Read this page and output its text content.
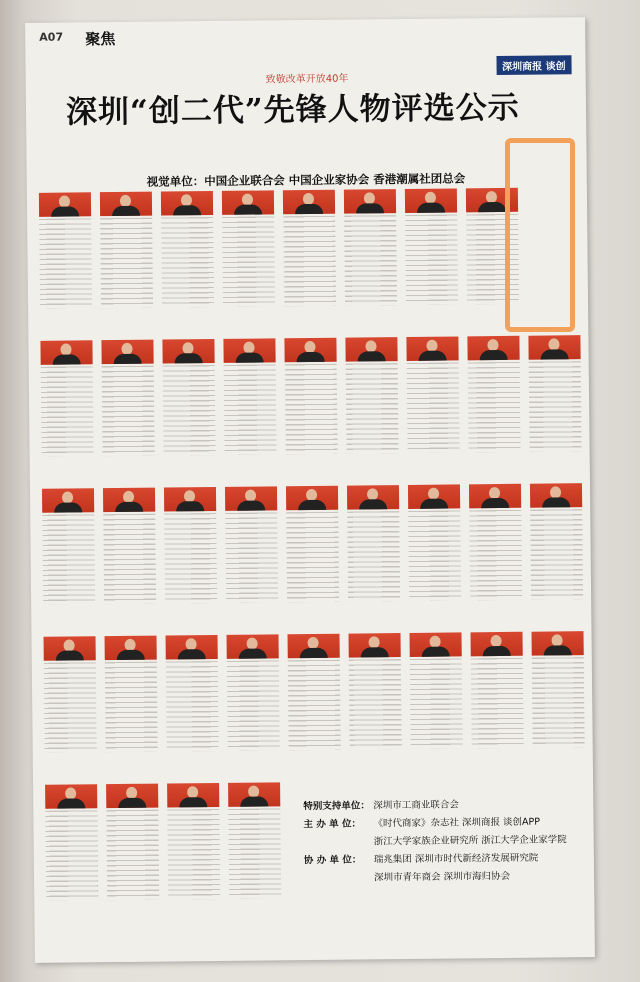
A07 聚焦
深圳商报 谈创
致敬改革开放40年
深圳“创二代”先锋人物评选公示
视觉单位：中国企业联合会 中国企业家协会 香港潮属社团总会
特别支持单位： 深圳市工商业联合会
主 办 单 位： 《时代商家》杂志社 深圳商报 谈创APP
浙江大学家族企业研究所 浙江大学企业家学院
协 办 单 位： 瑞兆集团 深圳市时代新经济发展研究院
深圳市青年商会 深圳市海归协会
